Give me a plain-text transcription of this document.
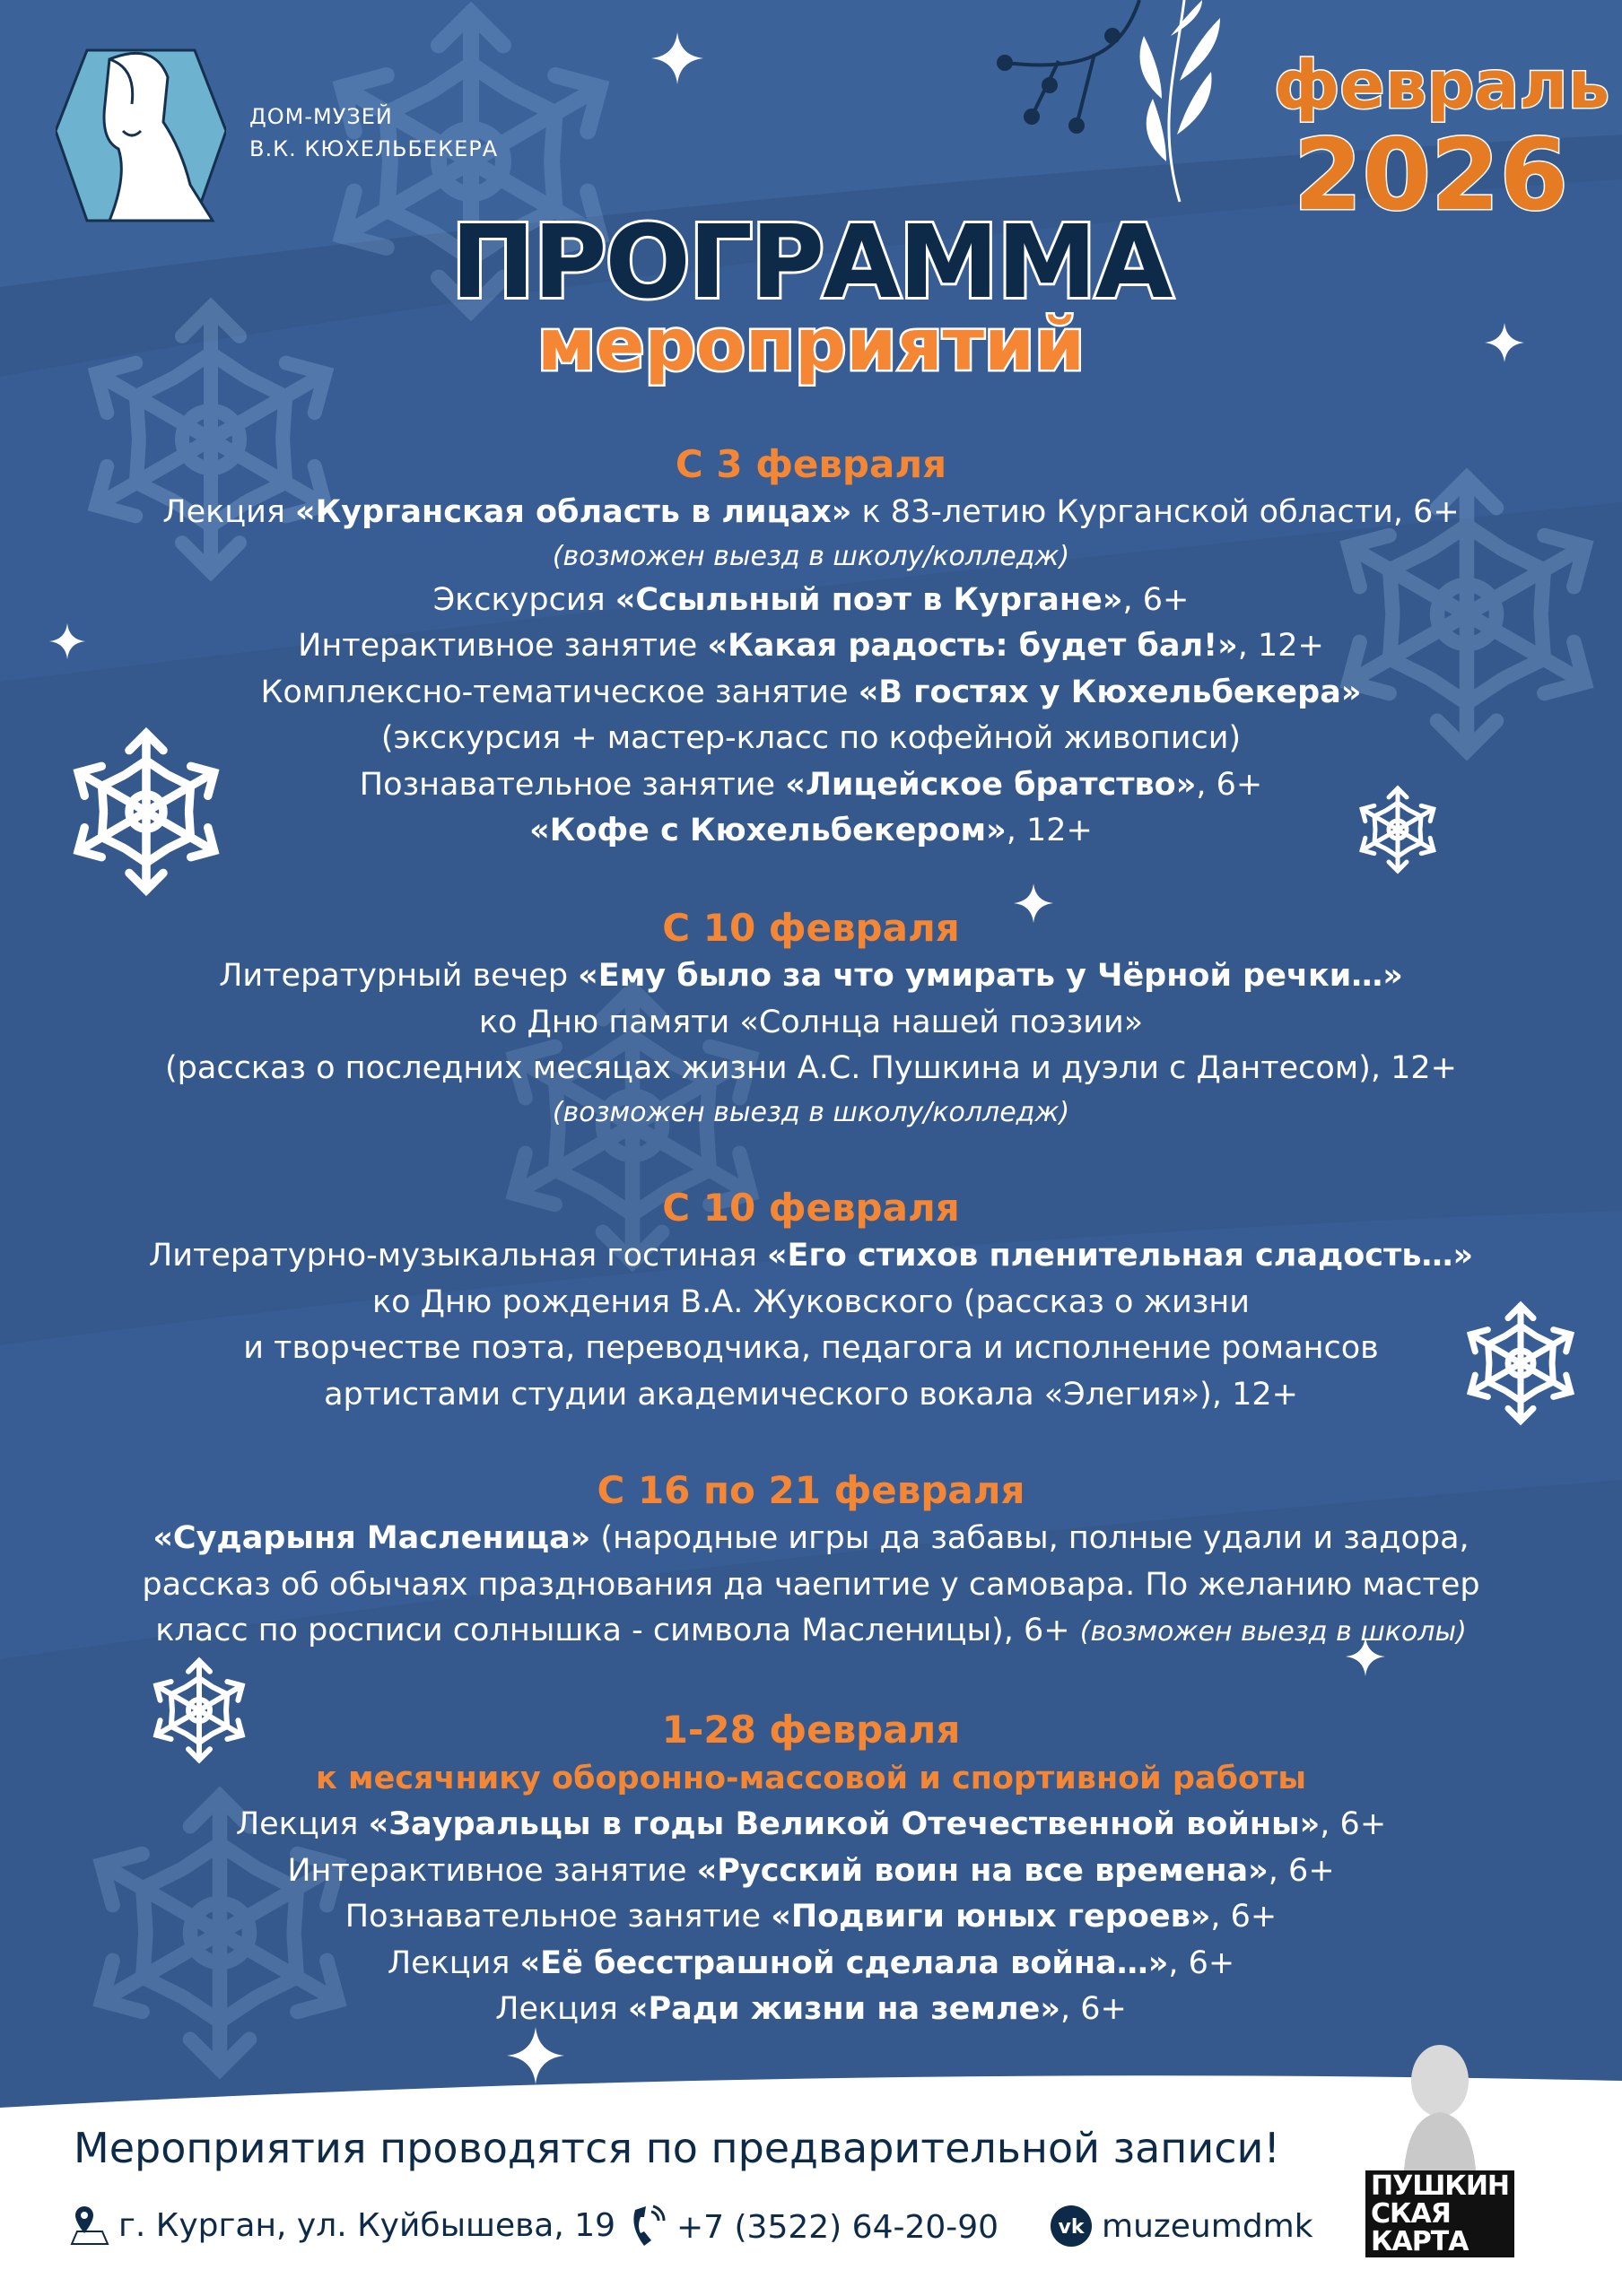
ДОМ-МУЗЕЙ
В.К. КЮХЕЛЬБЕКЕРА
февраль
2026
ПРОГРАММА
мероприятий
С 3 февраля
Лекция «Курганская область в лицах» к 83-летию Курганской области, 6+
(возможен выезд в школу/колледж)
Экскурсия «Ссыльный поэт в Кургане», 6+
Интерактивное занятие «Какая радость: будет бал!», 12+
Комплексно-тематическое занятие «В гостях у Кюхельбекера»
(экскурсия + мастер-класс по кофейной живописи)
Познавательное занятие «Лицейское братство», 6+
«Кофе с Кюхельбекером», 12+
С 10 февраля
Литературный вечер «Ему было за что умирать у Чёрной речки…»
ко Дню памяти «Солнца нашей поэзии»
(рассказ о последних месяцах жизни А.С. Пушкина и дуэли с Дантесом), 12+
(возможен выезд в школу/колледж)
С 10 февраля
Литературно-музыкальная гостиная «Его стихов пленительная сладость…»
ко Дню рождения В.А. Жуковского (рассказ о жизни
и творчестве поэта, переводчика, педагога и исполнение романсов
артистами студии академического вокала «Элегия»), 12+
С 16 по 21 февраля
«Сударыня Масленица» (народные игры да забавы, полные удали и задора,
рассказ об обычаях празднования да чаепитие у самовара. По желанию мастер
класс по росписи солнышка - символа Масленицы), 6+ (возможен выезд в школы)
1-28 февраля
к месячнику оборонно-массовой и спортивной работы
Лекция «Зауральцы в годы Великой Отечественной войны», 6+
Интерактивное занятие «Русский воин на все времена», 6+
Познавательное занятие «Подвиги юных героев», 6+
Лекция «Её бесстрашной сделала война…», 6+
Лекция «Ради жизни на земле», 6+
Мероприятия проводятся по предварительной записи!
г. Курган, ул. Куйбышева, 19 +7 (3522) 64-20-90	vk muzeumdmk
ПУШКИН
СКАЯ
КАРТА
